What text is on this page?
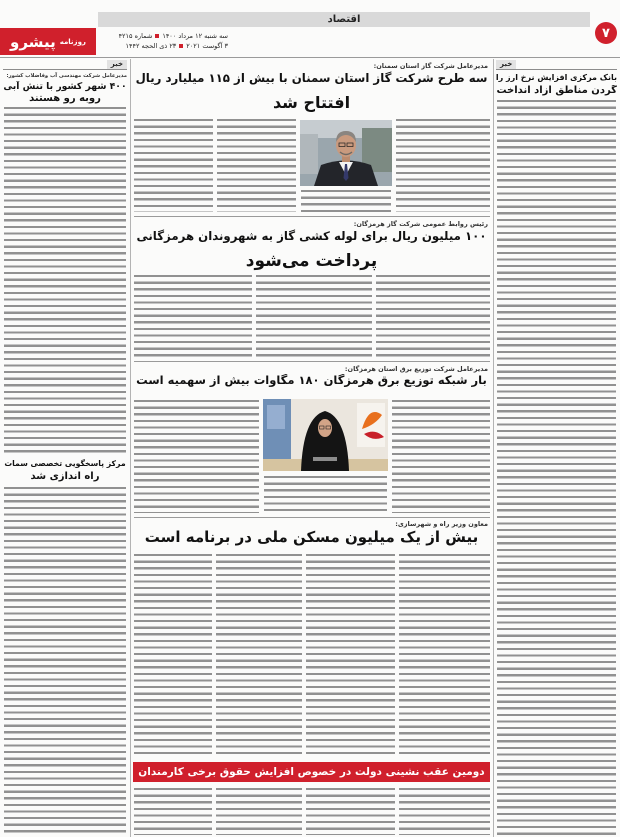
اقتصاد
روزنامه
پیشرو	سه شنبه ۱۲ مرداد ۱۴۰۰
شماره ۴۲۱۵
۳ آگوست ۲۰۲۱
۲۳ ذی الحجه ۱۴۴۲
۷
خبر
مدیرعامل شرکت مهندسی آب وفاضلاب کشور:
۴۰۰ شهر کشور با تنش آبی
روبه رو هستند
مرکز پاسخگویی تخصصی سمات
راه اندازی شد
خبر
بانک مرکزی افزایش نرخ ارز را
گردن مناطق آزاد انداخت
مدیرعامل شرکت گاز استان سمنان:
سه طرح شرکت گاز استان سمنان با بیش از ۱۱۵ میلیارد ریال
افتتاح شد
رئیس روابط عمومی شرکت گاز هرمزگان:
۱۰۰ میلیون ریال برای لوله کشی گاز به شهروندان هرمزگانی
پرداخت می‌شود
مدیرعامل شرکت توزیع برق استان هرمزگان:
بار شبکه توزیع برق هرمزگان ۱۸۰ مگاوات بیش از سهمیه است
معاون وزیر راه و شهرسازی:
بیش از یک میلیون مسکن ملی در برنامه است
دومین عقب نشینی دولت در خصوص افزایش حقوق برخی کارمندان
